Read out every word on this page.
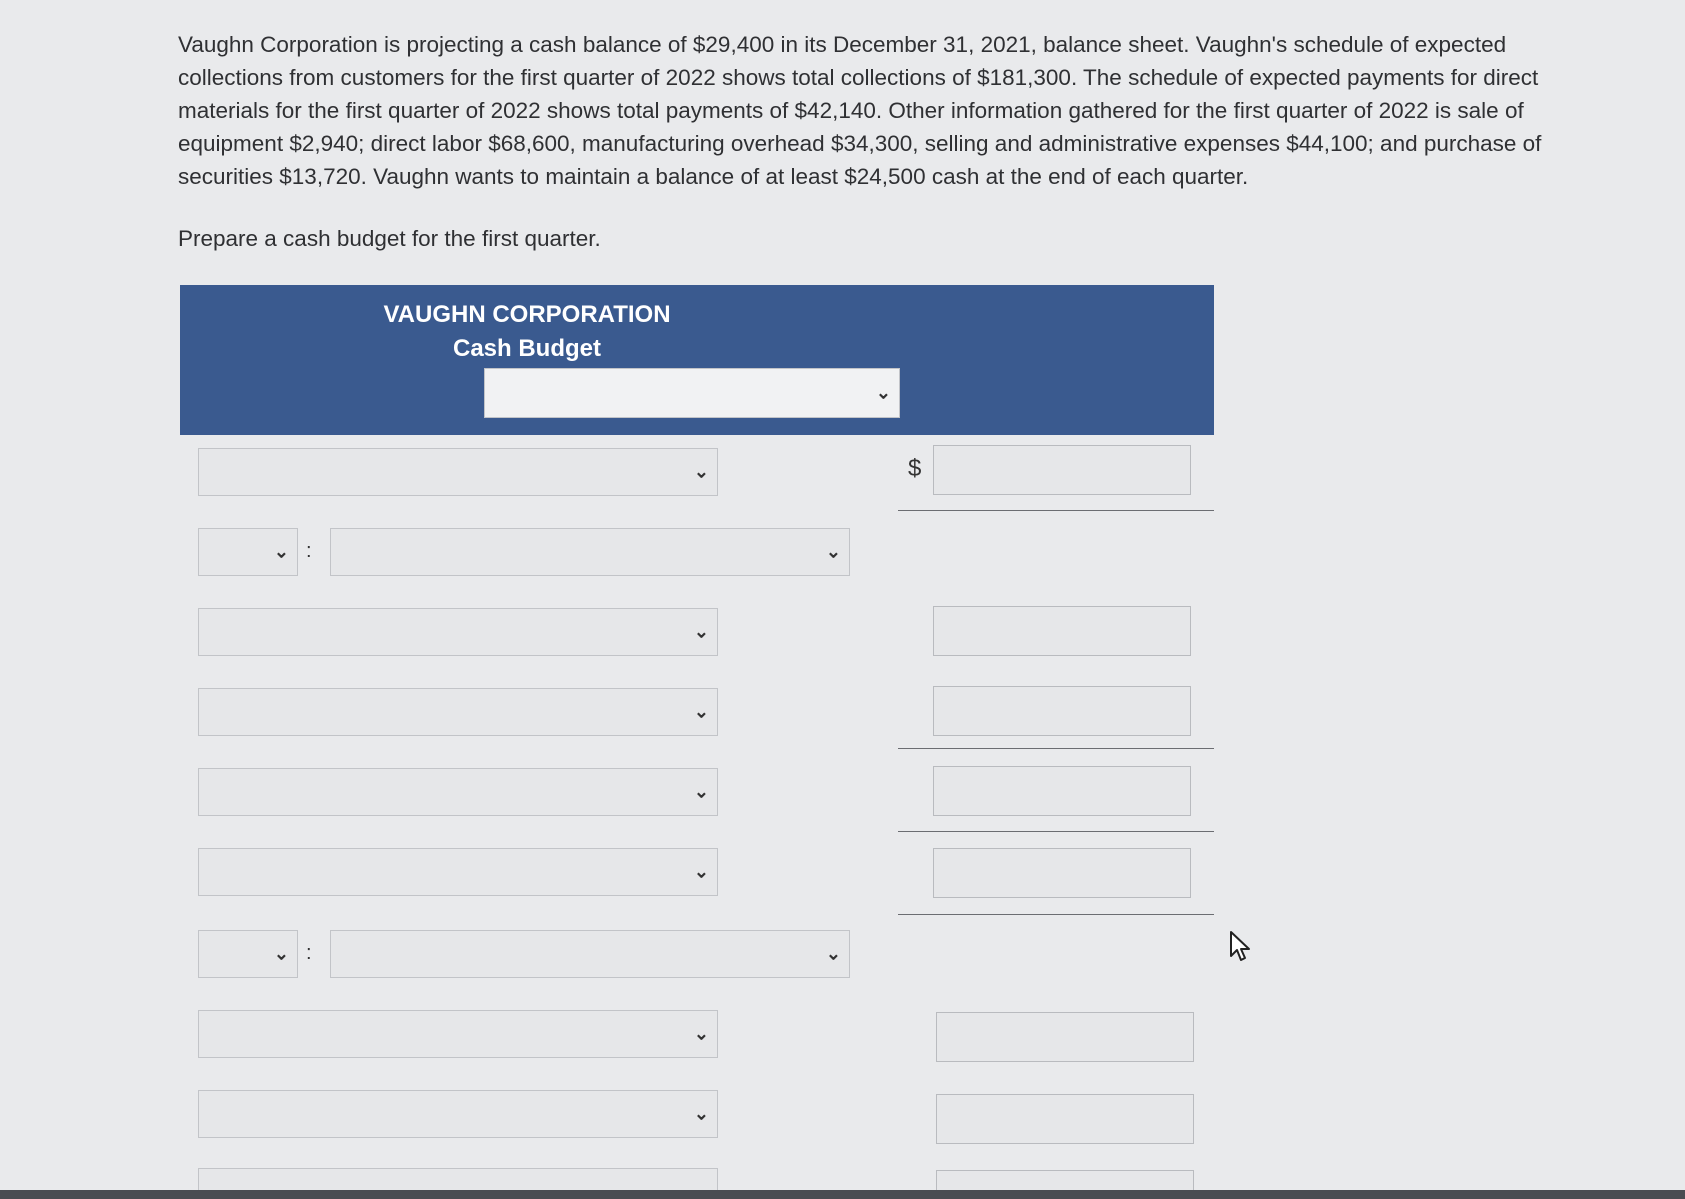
Vaughn Corporation is projecting a cash balance of $29,400 in its December 31, 2021, balance sheet. Vaughn's schedule of expected collections from customers for the first quarter of 2022 shows total collections of $181,300. The schedule of expected payments for direct materials for the first quarter of 2022 shows total payments of $42,140. Other information gathered for the first quarter of 2022 is sale of equipment $2,940; direct labor $68,600, manufacturing overhead $34,300, selling and administrative expenses $44,100; and purchase of securities $13,720. Vaughn wants to maintain a balance of at least $24,500 cash at the end of each quarter.
Prepare a cash budget for the first quarter.
VAUGHN CORPORATION
Cash Budget
⌄
⌄	$
⌄ :	⌄
⌄
⌄
⌄
⌄
⌄ :	⌄
⌄
⌄
